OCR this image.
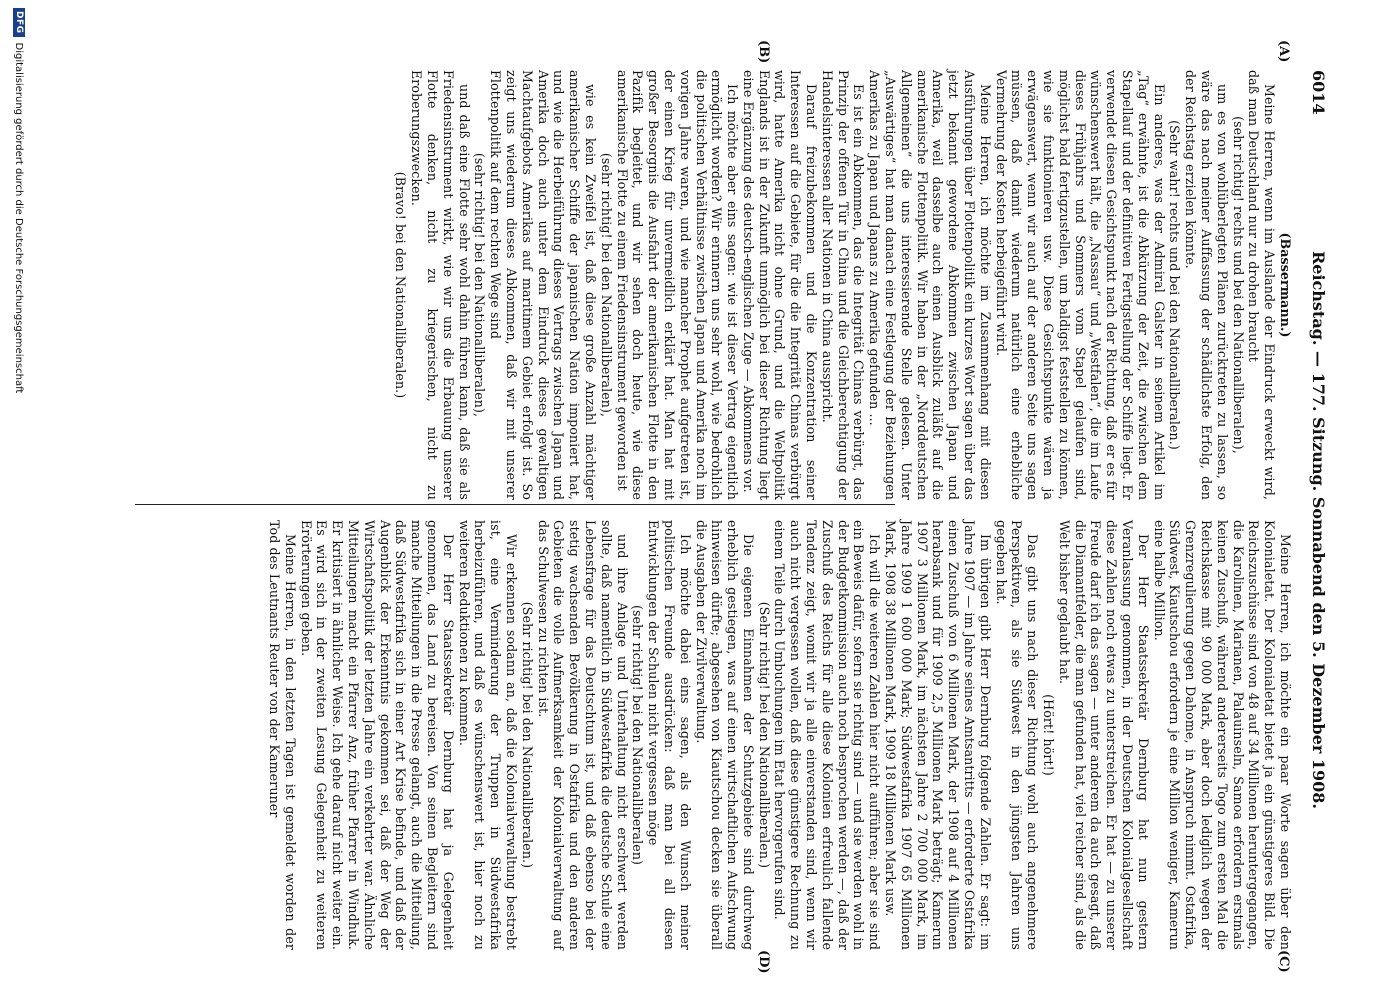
6014
Reichstag. — 177. Sitzung. Sonnabend den 5. Dezember 1908.
(A)
(B)
(C)
(D)

(Bassermann.)

Meine Herren, wenn im Auslande der Eindruck erweckt wird, daß man Deutschland nur zu drohen braucht

(sehr richtig! rechts und bei den Nationalliberalen),

um es von wohlüberlegten Plänen zurücktreten zu lassen, so wäre das nach meiner Auffassung der schädlichste Erfolg, den der Reichstag erzielen könnte.

(Sehr wahr! rechts und bei den Nationalliberalen.)

Ein anderes, was der Admiral Galster in seinem Artikel im „Tag“ erwähnte, ist die Abkürzung der Zeit, die zwischen dem Stapellauf und der definitiven Fertigstellung der Schiffe liegt. Er verwendet diesen Gesichtspunkt nach der Richtung, daß er es für wünschenswert hält, die „Nassau“ und „Westfalen“, die im Laufe dieses Frühjahrs und Sommers vom Stapel gelaufen sind, möglichst bald fertigzustellen, um baldigst feststellen zu können, wie sie funktionieren usw. Diese Gesichtspunkte wären ja erwägenswert, wenn wir auch auf der anderen Seite uns sagen müssen, daß damit wiederum natürlich eine erhebliche Vermehrung der Kosten herbeigeführt wird.

Meine Herren, ich möchte im Zusammenhang mit diesen Ausführungen über Flottenpolitik ein kurzes Wort sagen über das jetzt bekannt gewordene Abkommen zwischen Japan und Amerika, weil dasselbe auch einen Ausblick zuläßt auf die amerikanische Flottenpolitik. Wir haben in der „Norddeutschen Allgemeinen“ die uns interessierende Stelle gelesen. Unter „Auswärtiges“ hat man danach eine Festlegung der Beziehungen Amerikas zu Japan und Japans zu Amerika gefunden ...

Es ist ein Abkommen, das die Integrität Chinas verbürgt, das Prinzip der offenen Tür in China und die Gleichberechtigung der Handelsinteressen aller Nationen in China ausspricht.

Darauf freizubekommen und die Konzentration seiner Interessen auf die Gebiete, für die die Integrität Chinas verbürgt wird, hatte Amerika nicht ohne Grund, und die Weltpolitik Englands ist in der Zukunft unmöglich bei dieser Richtung liegt eine Ergänzung des deutsch-englischen Zuge — Abkommens vor.

Ich möchte aber eins sagen: wie ist dieser Vertrag eigentlich ermöglicht worden? Wir erinnern uns sehr wohl, wie bedrohlich die politischen Verhältnisse zwischen Japan und Amerika noch im vorigen Jahre waren, und wie mancher Prophet aufgetreten ist, der einen Krieg für unvermeidlich erklärt hat. Man hat mit großer Besorgnis die Ausfahrt der amerikanischen Flotte in den Pazifik begleitet, und wir sehen doch heute, wie diese amerikanische Flotte zu einem Friedensinstrument geworden ist

(sehr richtig! bei den Nationalliberalen),

wie es kein Zweifel ist, daß diese große Anzahl mächtiger amerikanischer Schiffe der japanischen Nation imponiert hat, und wie die Herbeiführung dieses Vertrags zwischen Japan und Amerika doch auch unter dem Eindruck dieses gewaltigen Machtaufgebots Amerikas auf maritimem Gebiet erfolgt ist. So zeigt uns wiederum dieses Abkommen, daß wir mit unserer Flottenpolitik auf dem rechten Wege sind

(sehr richtig! bei den Nationalliberalen),

und daß eine Flotte sehr wohl dahin führen kann, daß sie als Friedensinstrument wirkt, wie wir uns die Erbauung unserer Flotte denken, nicht zu kriegerischen, nicht zu Eroberungszwecken.

(Bravo! bei den Nationalliberalen.)

Meine Herren, ich möchte ein paar Worte sagen über den Kolonialetat. Der Kolonialetat bietet ja ein günstigeres Bild. Die Reichszuschüsse sind von 48 auf 34 Millionen heruntergegangen, die Karolinen, Marianen, Palauinseln, Samoa erfordern erstmals keinen Zuschuß, während andererseits Togo zum ersten Mal die Reichskasse mit 90 000 Mark, aber doch lediglich wegen der Grenzregulierung gegen Dahome, in Anspruch nimmt. Ostafrika, Südwest, Kiautschou erfordern je eine Million weniger, Kamerun eine halbe Million.

Der Herr Staatssekretär Dernburg hat nun gestern Veranlassung genommen, in der Deutschen Kolonialgesellschaft diese Zahlen noch etwas zu unterstreichen. Er hat — zu unserer Freude darf ich das sagen — unter anderem da auch gesagt, daß die Diamantfelder, die man gefunden hat, viel reicher sind, als die Welt bisher geglaubt hat.

(Hört! hört!)

Das gibt uns nach dieser Richtung wohl auch angenehmere Perspektiven, als sie Südwest in den jüngsten Jahren uns gegeben hat.

Im übrigen gibt Herr Dernburg folgende Zahlen. Er sagt: im Jahre 1907 — im Jahre seines Amtsantritts — erforderte Ostafrika einen Zuschuß von 6 Millionen Mark, der 1908 auf 4 Millionen herabsank und für 1909 2,5 Millionen Mark beträgt; Kamerun 1907 3 Millionen Mark, im nächsten Jahre 2 700 000 Mark, im Jahre 1909 1 600 000 Mark; Südwestafrika 1907 65 Millionen Mark, 1908 38 Millionen Mark, 1909 18 Millionen Mark usw.

Ich will die weiteren Zahlen hier nicht aufführen; aber sie sind ein Beweis dafür, sofern sie richtig sind — und sie werden wohl in der Budgetkommission auch noch besprochen werden —, daß der Zuschuß des Reichs für alle diese Kolonien erfreulich fallende Tendenz zeigt, womit wir ja alle einverstanden sind, wenn wir auch nicht vergessen wollen, daß diese günstigere Rechnung zu einem Teile durch Umbuchungen im Etat hervorgerufen sind.

(Sehr richtig! bei den Nationalliberalen.)

Die eigenen Einnahmen der Schutzgebiete sind durchweg erheblich gestiegen, was auf einen wirtschaftlichen Aufschwung hinweisen dürfte; abgesehen von Kiautschou decken sie überall die Ausgaben der Zivilverwaltung.

Ich möchte dabei eins sagen, als den Wunsch meiner politischen Freunde ausdrücken: daß man bei all diesen Entwicklungen der Schulen nicht vergessen möge

(sehr richtig! bei den Nationalliberalen)

und ihre Anlage und Unterhaltung nicht erschwert werden sollte, daß namentlich in Südwestafrika die deutsche Schule eine Lebensfrage für das Deutschtum ist, und daß ebenso bei der stetig wachsenden Bevölkerung in Ostafrika und den anderen Gebieten die volle Aufmerksamkeit der Kolonialverwaltung auf das Schulwesen zu richten ist.

(Sehr richtig! bei den Nationalliberalen.)

Wir erkennen sodann an, daß die Kolonialverwaltung bestrebt ist, eine Verminderung der Truppen in Südwestafrika herbeizuführen, und daß es wünschenswert ist, hier noch zu weiteren Reduktionen zu kommen.

Der Herr Staatssekretär Dernburg hat ja Gelegenheit genommen, das Land zu bereisen. Von seinen Begleitern sind manche Mitteilungen in die Presse gelangt, auch die Mitteilung, daß Südwestafrika sich in einer Art Krise befinde, und daß der Augenblick der Erkenntnis gekommen sei, daß der Weg der Wirtschaftspolitik der letzten Jahre ein verkehrter war. Ähnliche Mitteilungen macht ein Pfarrer Anz, früher Pfarrer in Windhuk. Er kritisiert in ähnlicher Weise. Ich gehe darauf nicht weiter ein. Es wird sich in der zweiten Lesung Gelegenheit zu weiteren Erörterungen geben.

Meine Herren, in den letzten Tagen ist gemeldet worden der Tod des Leutnants Reuter von der Kameruner

DFG
Digitalisierung gefördert durch die Deutsche Forschungsgemeinschaft
